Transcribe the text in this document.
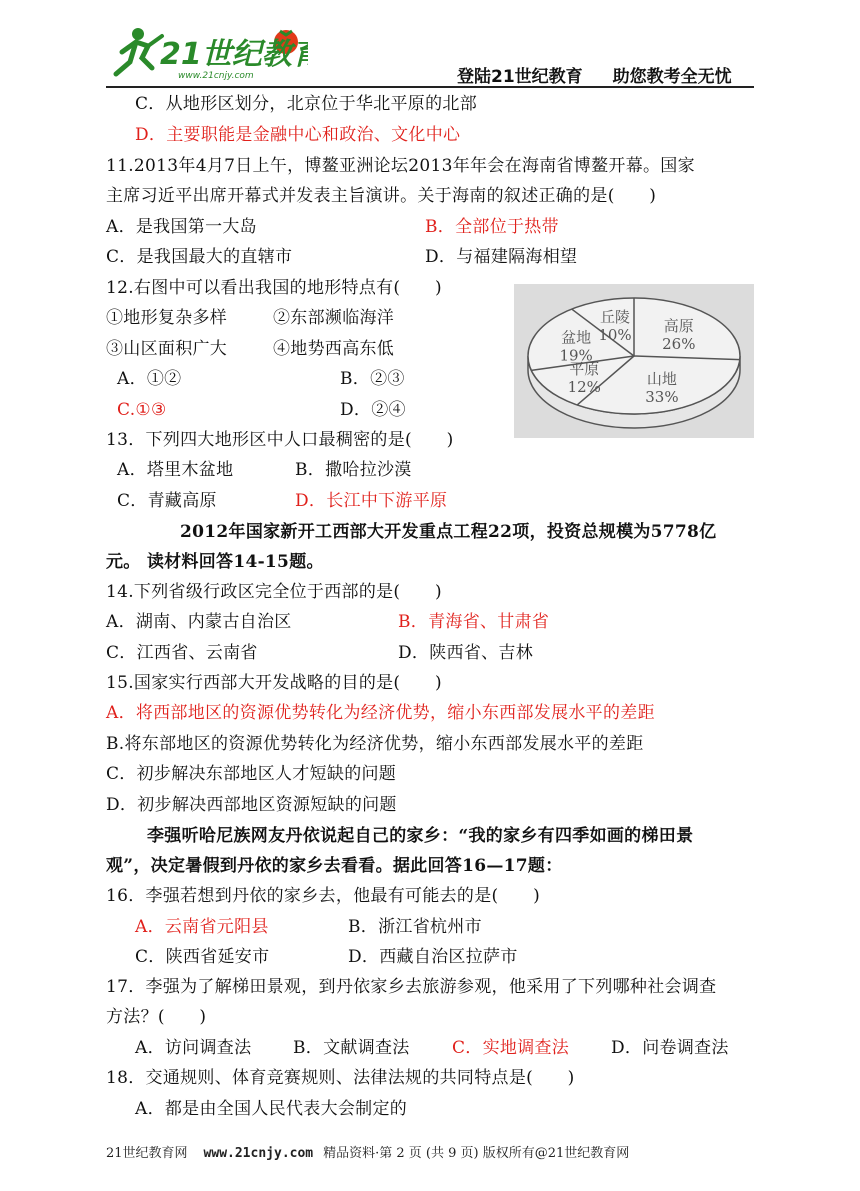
21世纪教育
www.21cnjy.com	登陆21世纪教育 助您教考全无忧
C．从地形区划分，北京位于华北平原的北部
D．主要职能是金融中心和政治、文化中心
11.2013年4月7日上午，博鳌亚洲论坛2013年年会在海南省博鳌开幕。国家
主席习近平出席开幕式并发表主旨演讲。关于海南的叙述正确的是(　　)
A．是我国第一大岛	B．全部位于热带
C．是我国最大的直辖市	D．与福建隔海相望
12.右图中可以看出我国的地形特点有(　　)
①地形复杂多样	②东部濒临海洋
③山区面积广大	④地势西高东低
A．①②	B．②③
C.①③	D．②④
13．下列四大地形区中人口最稠密的是(　　)
A．塔里木盆地	B．撒哈拉沙漠
C．青藏高原	D．长江中下游平原
2012年国家新开工西部大开发重点工程22项，投资总规模为5778亿
元。 读材料回答14-15题。
14.下列省级行政区完全位于西部的是(　　)
A．湖南、内蒙古自治区	B．青海省、甘肃省
C．江西省、云南省	D．陕西省、吉林
15.国家实行西部大开发战略的目的是(　　)
A．将西部地区的资源优势转化为经济优势，缩小东西部发展水平的差距
B.将东部地区的资源优势转化为经济优势，缩小东西部发展水平的差距
C．初步解决东部地区人才短缺的问题
D．初步解决西部地区资源短缺的问题
李强听哈尼族网友丹依说起自己的家乡：“我的家乡有四季如画的梯田景
观”，决定暑假到丹依的家乡去看看。据此回答16—17题：
16．李强若想到丹依的家乡去，他最有可能去的是(　　)
A．云南省元阳县	B．浙江省杭州市
C．陕西省延安市	D．西藏自治区拉萨市
17．李强为了解梯田景观，到丹依家乡去旅游参观，他采用了下列哪种社会调查
方法？(　　)
A．访问调查法 B．文献调查法 C．实地调查法 D．问卷调查法
18．交通规则、体育竞赛规则、法律法规的共同特点是(　　)
A．都是由全国人民代表大会制定的
高原
26%
山地
33%
平原
12%
盆地
19%
丘陵
10%
21世纪教育网 www.21cnjy.com 精品资料·第 2 页 (共 9 页) 版权所有@21世纪教育网
